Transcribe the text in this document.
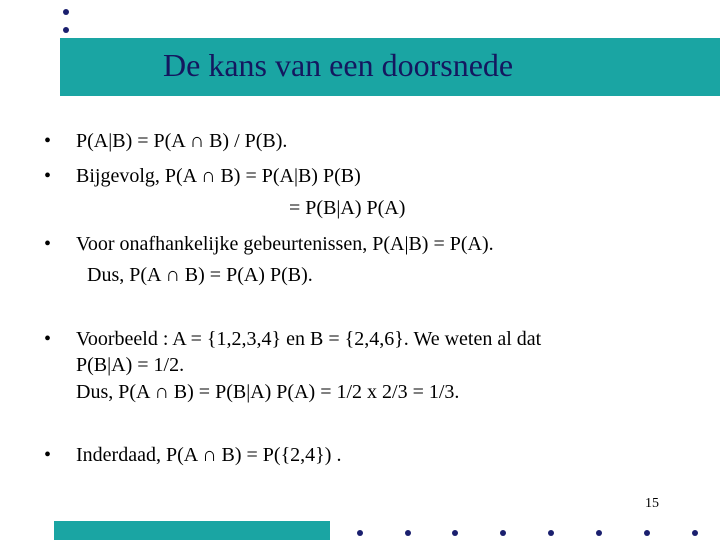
De kans van een doorsnede
• P(A|B) = P(A ∩ B) / P(B).
• Bijgevolg, P(A ∩ B) = P(A|B) P(B)
= P(B|A) P(A)
• Voor onafhankelijke gebeurtenissen, P(A|B) = P(A).
Dus, P(A ∩ B) = P(A) P(B).
• Voorbeeld : A = {1,2,3,4} en B = {2,4,6}. We weten al dat
P(B|A) = 1/2.
Dus, P(A ∩ B) = P(B|A) P(A) = 1/2 x 2/3 = 1/3.
• Inderdaad, P(A ∩ B) = P({2,4}) .
15
